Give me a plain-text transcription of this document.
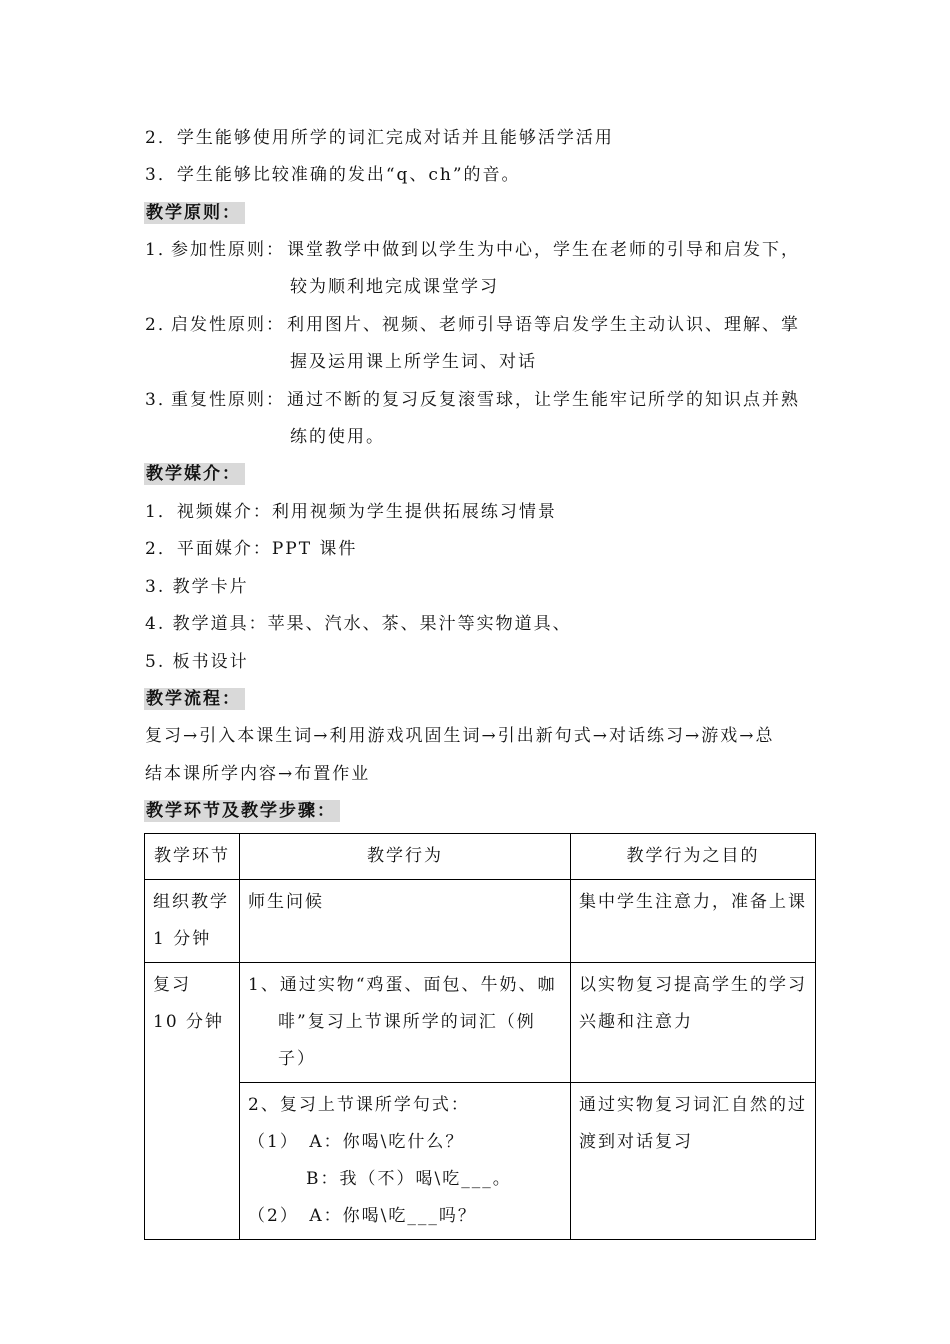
2．学生能够使用所学的词汇完成对话并且能够活学活用
3．学生能够比较准确的发出“q、ch”的音。
教学原则：
1．参加性原则： 课堂教学中做到以学生为中心，学生在老师的引导和启发下，
较为顺利地完成课堂学习
2．启发性原则： 利用图片、视频、老师引导语等启发学生主动认识、理解、掌
握及运用课上所学生词、对话
3．重复性原则： 通过不断的复习反复滚雪球，让学生能牢记所学的知识点并熟
练的使用。
教学媒介：
1．视频媒介：利用视频为学生提供拓展练习情景
2．平面媒介：PPT 课件
3. 教学卡片
4. 教学道具：苹果、汽水、茶、果汁等实物道具、
5. 板书设计
教学流程：
复习→引入本课生词→利用游戏巩固生词→引出新句式→对话练习→游戏→总
结本课所学内容→布置作业
教学环节及教学步骤：
教学环节	教学行为	教学行为之目的

组织教学
1 分钟	师生问候	集中学生注意力，准备上课

复习
10 分钟	1、通过实物“鸡蛋、面包、牛奶、咖
啡”复习上节课所学的词汇（例
子）	以实物复习提高学生的学习
兴趣和注意力

	2、复习上节课所学句式：
（1）　A：你喝\吃什么？
B：我（不）喝\吃___。
（2）　A：你喝\吃___吗？	通过实物复习词汇自然的过
渡到对话复习
